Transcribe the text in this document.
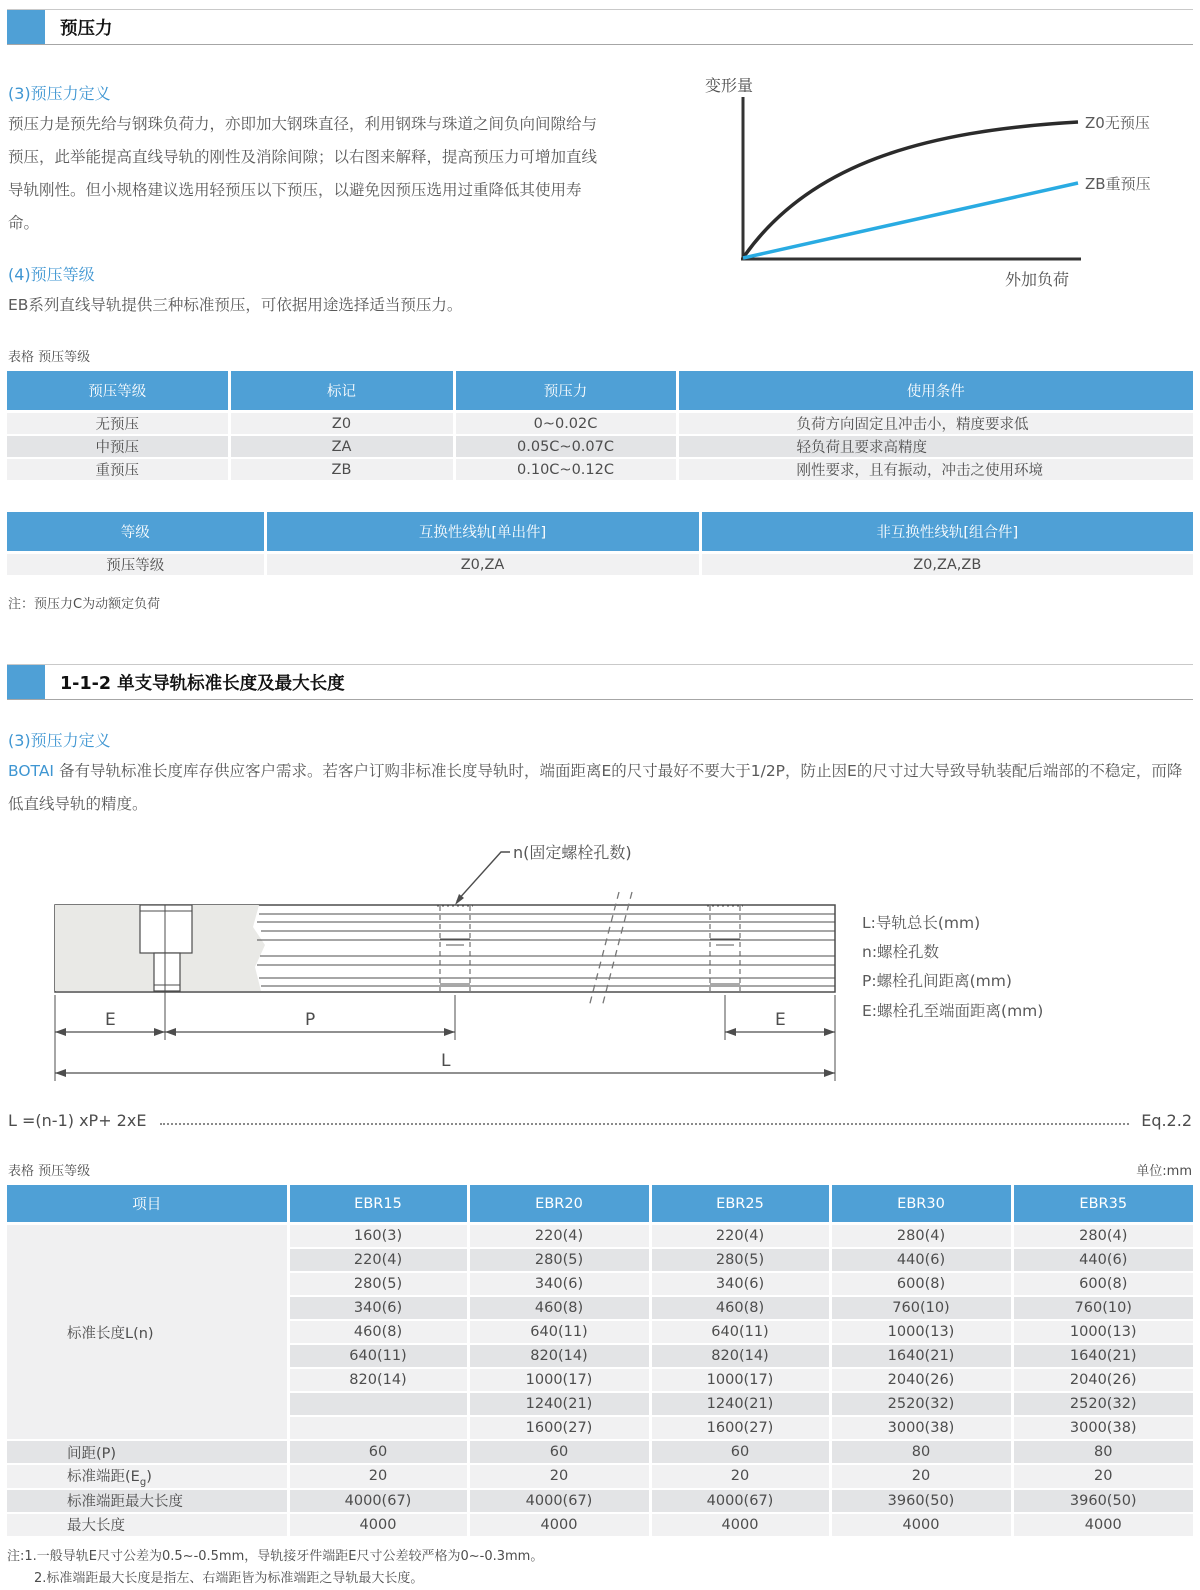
预压力
(3)预压力定义

预压力是预先给与钢珠负荷力，亦即加大钢珠直径，利用钢珠与珠道之间负向间隙给与预压，此举能提高直线导轨的刚性及消除间隙；以右图来解释，提高预压力可增加直线导轨刚性。但小规格建议选用轻预压以下预压，以避免因预压选用过重降低其使用寿命。

(4)预压等级

EB系列直线导轨提供三种标准预压，可依据用途选择适当预压力。

变形量
Z0无预压
ZB重预压
外加负荷
表格 预压等级
预压等级	标记	预压力	使用条件
无预压	Z0	0~0.02C	负荷方向固定且冲击小，精度要求低
中预压	ZA	0.05C~0.07C	轻负荷且要求高精度
重预压	ZB	0.10C~0.12C	刚性要求，且有振动，冲击之使用环境
等级	互换性线轨[单出件]	非互换性线轨[组合件]
预压等级	Z0,ZA	Z0,ZA,ZB
注：预压力C为动额定负荷
1-1-2 单支导轨标准长度及最大长度
(3)预压力定义

BOTAI 备有导轨标准长度库存供应客户需求。若客户订购非标准长度导轨时，端面距离E的尺寸最好不要大于1/2P，防止因E的尺寸过大导致导轨装配后端部的不稳定，而降低直线导轨的精度。

n(固定螺栓孔数)
E	P	E
L
L:导轨总长(mm)
n:螺栓孔数
P:螺栓孔间距离(mm)
E:螺栓孔至端面距离(mm)
L =(n-1) xP+ 2xE	Eq.2.2
表格 预压等级	单位:mm
项目	EBR15	EBR20	EBR25	EBR30	EBR35
标准长度L(n)	160(3)	220(4)	220(4)	280(4)	280(4)
	220(4)	280(5)	280(5)	440(6)	440(6)
	280(5)	340(6)	340(6)	600(8)	600(8)
	340(6)	460(8)	460(8)	760(10)	760(10)
	460(8)	640(11)	640(11)	1000(13)	1000(13)
	640(11)	820(14)	820(14)	1640(21)	1640(21)
	820(14)	1000(17)	1000(17)	2040(26)	2040(26)
		1240(21)	1240(21)	2520(32)	2520(32)
		1600(27)	1600(27)	3000(38)	3000(38)
间距(P)	60	60	60	80	80
标准端距$(E_g)$	20	20	20	20	20
标准端距最大长度	4000(67)	4000(67)	4000(67)	3960(50)	3960(50)
最大长度	4000	4000	4000	4000	4000
注:1.一般导轨E尺寸公差为0.5~-0.5mm，导轨接牙件端距E尺寸公差较严格为0~-0.3mm。
2.标准端距最大长度是指左、右端距皆为标准端距之导轨最大长度。
